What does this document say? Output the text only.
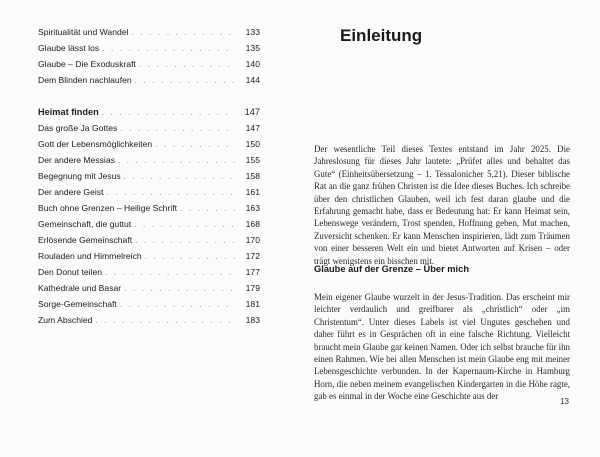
Spiritualität und Wandel . . .	133
Glaube lässt los . . .	135
Glaube – Die Exoduskraft . . .	140
Dem Blinden nachlaufen . . .	144
Heimat finden . . .	147
Das große Ja Gottes . . .	147
Gott der Lebensmöglichkeiten . . .	150
Der andere Messias . . .	155
Begegnung mit Jesus . . .	158
Der andere Geist . . .	161
Buch ohne Grenzen – Heilige Schrift . . .	163
Gemeinschaft, die guttut . . .	168
Erlösende Gemeinschaft . . .	170
Rouladen und Himmelreich . . .	172
Den Donut teilen . . .	177
Kathedrale und Basar . . .	179
Sorge-Gemeinschaft . . .	181
Zum Abschied . . .	183
Einleitung

Der wesentliche Teil dieses Textes entstand im Jahr 2025. Die Jahreslosung für dieses Jahr lautete: „Prüfet alles und behaltet das Gute“ (Einheitsübersetzung – 1. Tessalonicher 5,21). Dieser biblische Rat an die ganz frühen Christen ist die Idee dieses Buches. Ich schreibe über den christlichen Glauben, weil ich fest daran glaube und die Erfahrung gemacht habe, dass er Bedeutung hat: Er kann Heimat sein, Lebenswege verändern, Trost spenden, Hoffnung geben, Mut machen, Zuversicht schenken. Er kann Menschen inspirieren, lädt zum Träumen von einer besseren Welt ein und bietet Antworten auf Krisen – oder trägt wenigstens ein bisschen mit.

Glaube auf der Grenze – Über mich

Mein eigener Glaube wurzelt in der Jesus-Tradition. Das erscheint mir leichter verdaulich und greifbarer als „christlich“ oder „im Christentum“. Unter dieses Labels ist viel Ungutes geschehen und daher führt es in Gesprächen oft in eine falsche Richtung. Vielleicht braucht mein Glaube gar keinen Namen. Oder ich selbst brauche für ihn einen Rahmen. Wie bei allen Menschen ist mein Glaube eng mit meiner Lebensgeschichte verbunden. In der Kapernaum-Kirche in Hamburg Horn, die neben meinem evangelischen Kindergarten in die Höhe ragte, gab es einmal in der Woche eine Geschichte aus der

13
